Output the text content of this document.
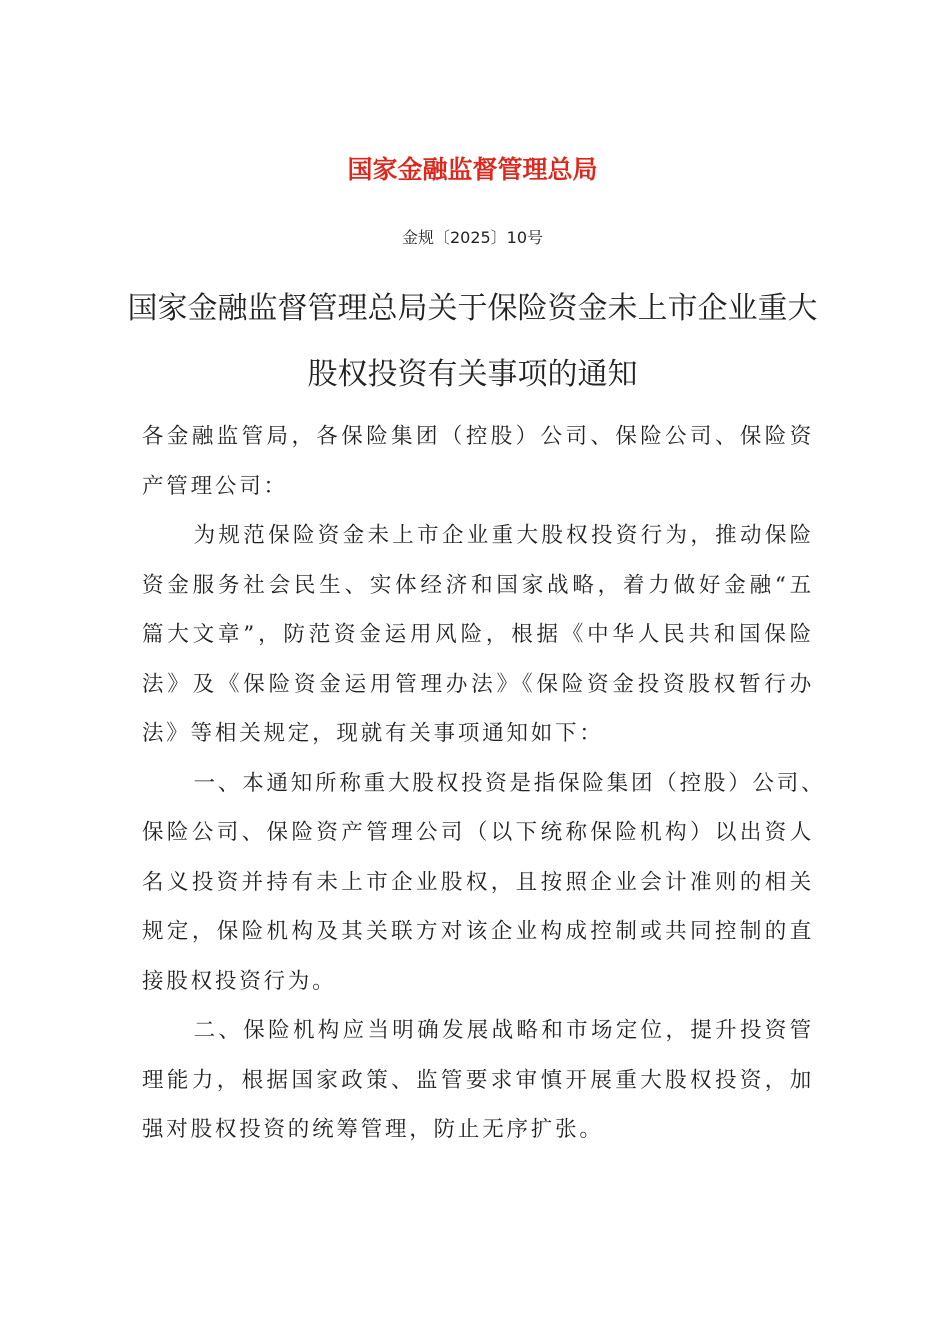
国家金融监督管理总局
金规〔2025〕10号
国家金融监督管理总局关于保险资金未上市企业重大
股权投资有关事项的通知

各金融监管局，各保险集团（控股）公司、保险公司、保险资
产管理公司：

为规范保险资金未上市企业重大股权投资行为，推动保险
资金服务社会民生、实体经济和国家战略，着力做好金融“五
篇大文章”，防范资金运用风险，根据《中华人民共和国保险
法》及《保险资金运用管理办法》《保险资金投资股权暂行办
法》等相关规定，现就有关事项通知如下：

一、本通知所称重大股权投资是指保险集团（控股）公司、
保险公司、保险资产管理公司（以下统称保险机构）以出资人
名义投资并持有未上市企业股权，且按照企业会计准则的相关
规定，保险机构及其关联方对该企业构成控制或共同控制的直
接股权投资行为。

二、保险机构应当明确发展战略和市场定位，提升投资管
理能力，根据国家政策、监管要求审慎开展重大股权投资，加
强对股权投资的统筹管理，防止无序扩张。
